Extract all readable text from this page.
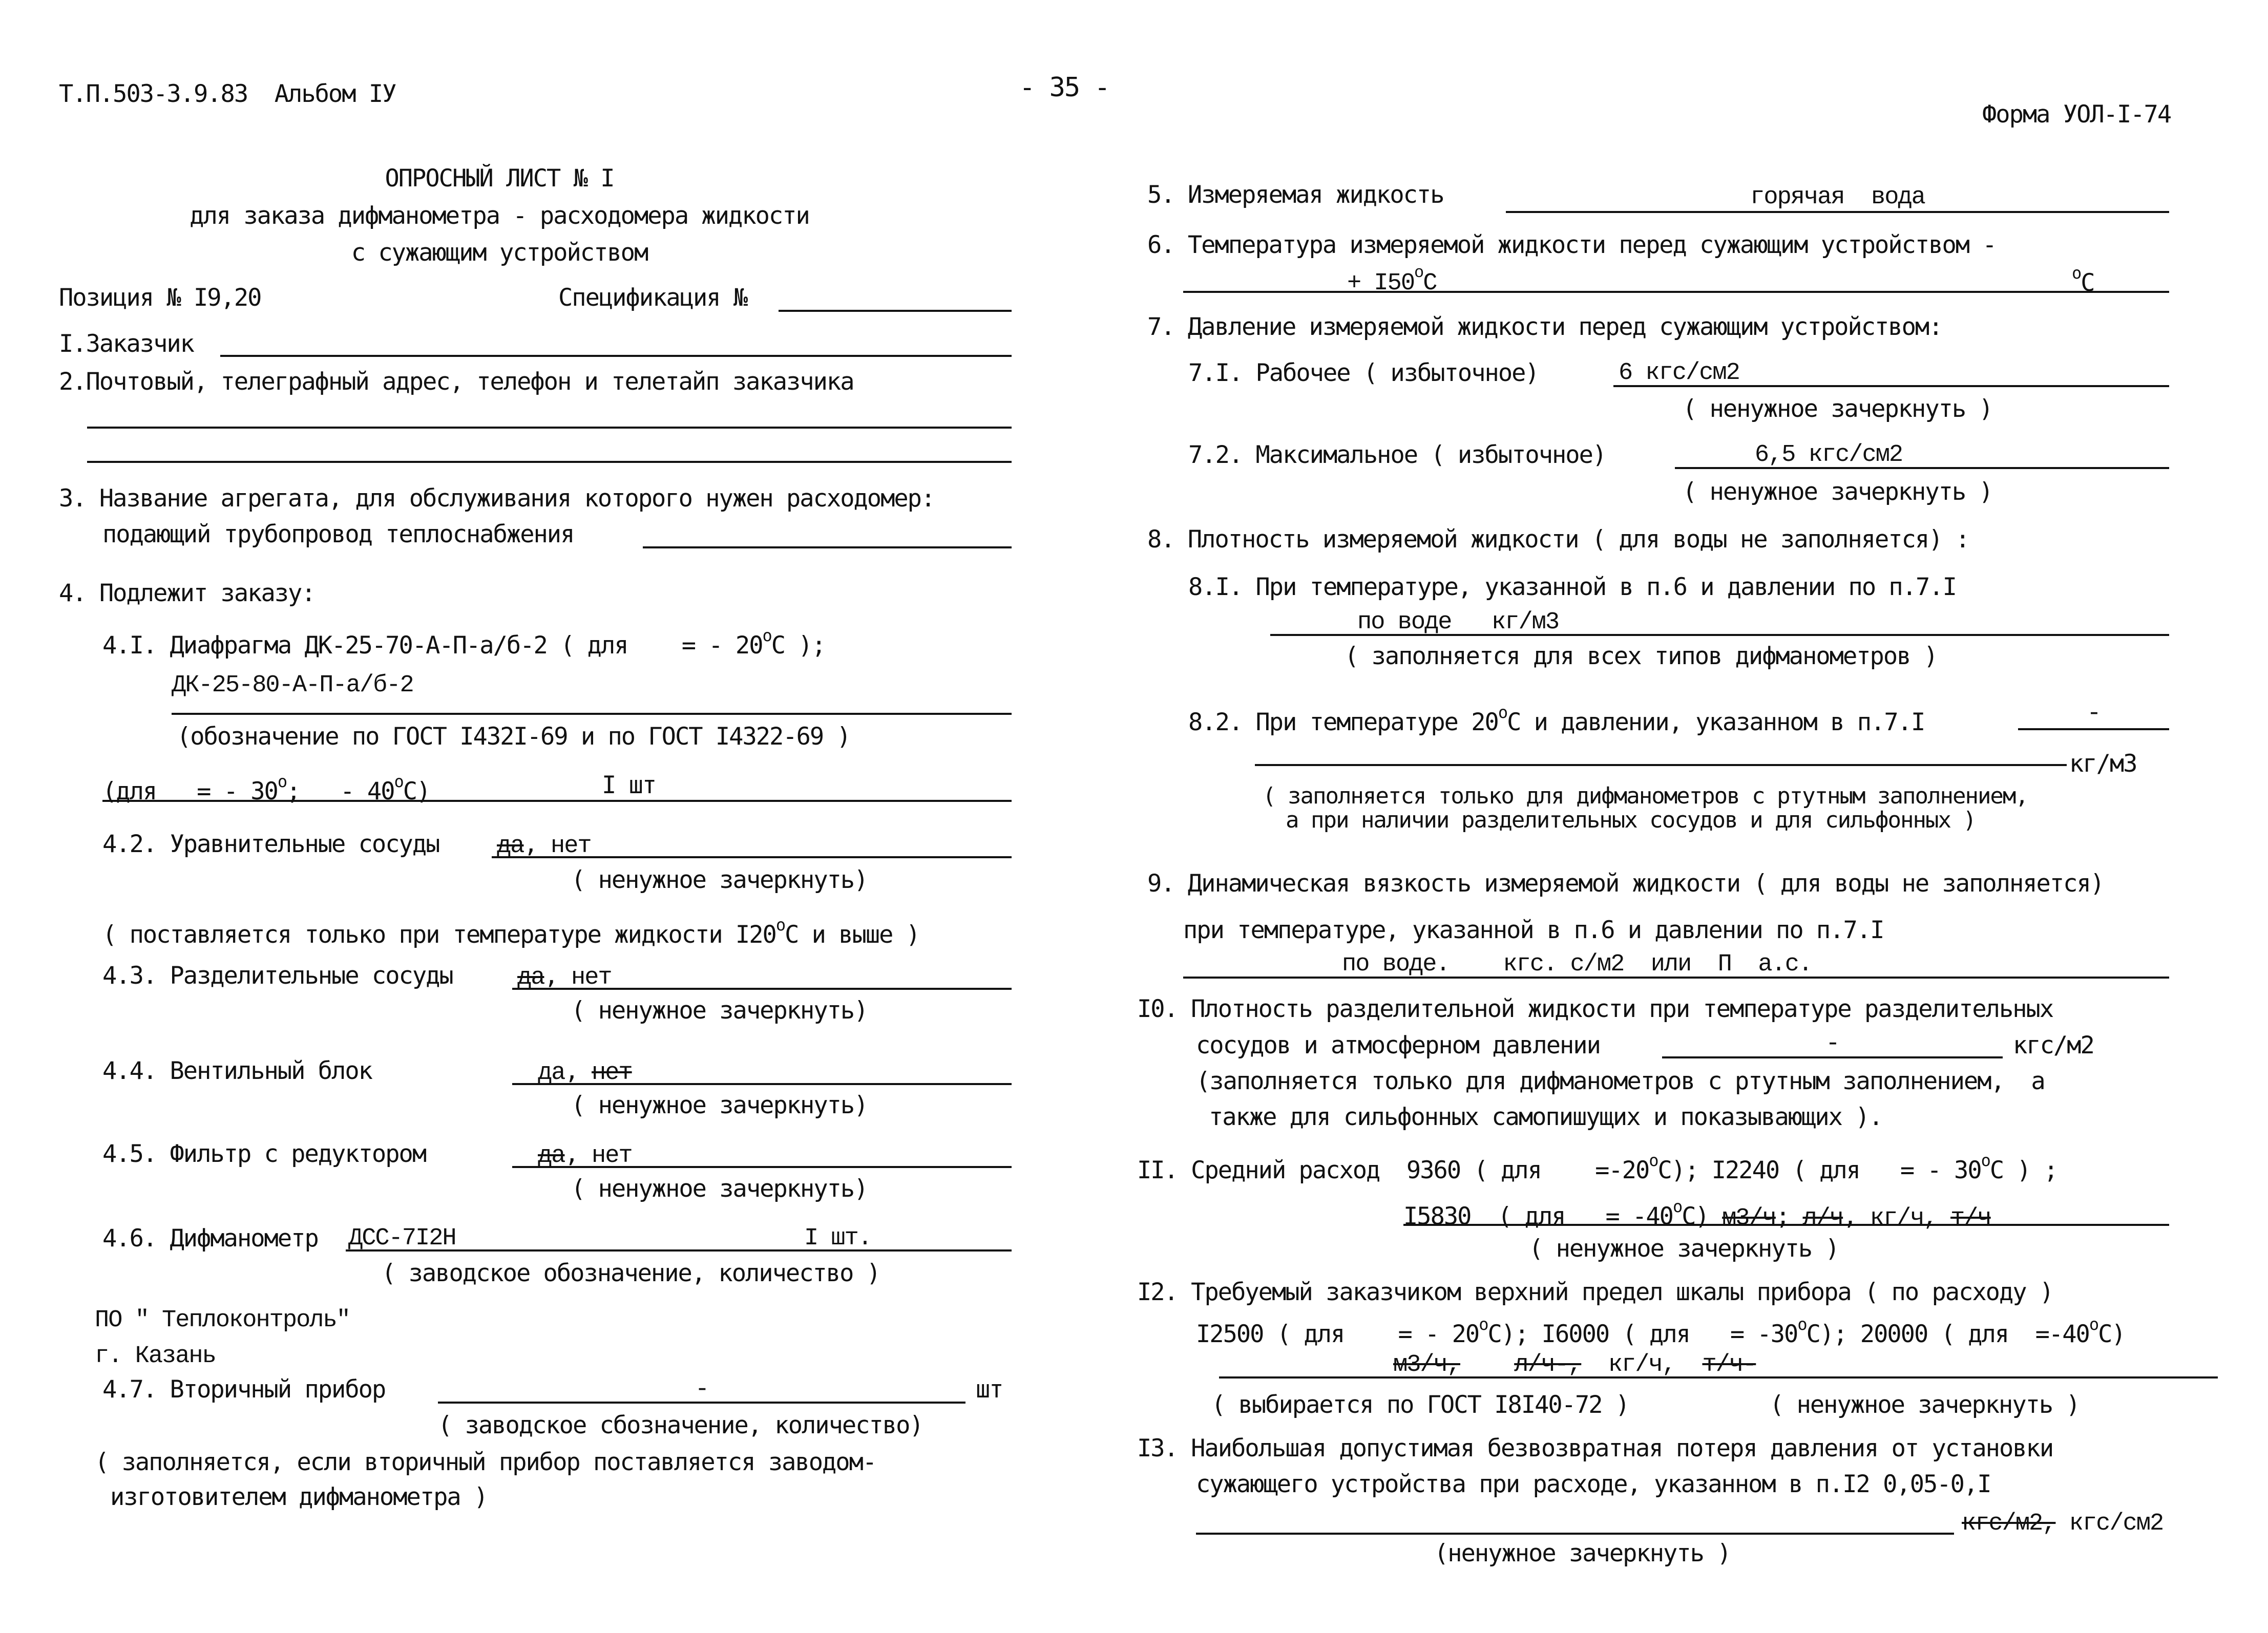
Т.П.503-3.9.83  Альбом IУ	- 35 -
Форма УОЛ-I-74
ОПРОСНЫЙ ЛИСТ № I
для заказа дифманометра - расходомера жидкости
с сужающим устройством
Позиция № I9,20	Спецификация №
I.Заказчик
2.Почтовый, телеграфный адрес, телефон и телетайп заказчика
3. Название агрегата, для обслуживания которого нужен расходомер:
подающий трубопровод теплоснабжения
4. Подлежит заказу:
4.I. Диафрагма ДК-25-70-А-П-а/б-2 ( для    = - $20^оС$ );
ДК-25-80-А-П-а/б-2
(обозначение по ГОСТ I432I-69 и по ГОСТ I4322-69 )
(для   = - $30^о$;   - $40^оС$)	I шт
4.2. Уравнительные сосуды да, нет
( ненужное зачеркнуть)
( поставляется только при температуре жидкости $I20^оС$ и выше )
4.3. Разделительные сосуды	да, нет
( ненужное зачеркнуть)
4.4. Вентильный блок	да, нет
( ненужное зачеркнуть)
4.5. Фильтр с редуктором	да, нет
( ненужное зачеркнуть)
4.6. Дифманометр ДСС-7I2Н	I шт.
( заводское обозначение, количество )
ПО " Теплоконтроль"
г. Казань
4.7. Вторичный прибор	-	шт
( заводское сбозначение, количество)
( заполняется, если вторичный прибор поставляется заводом-
изготовителем дифманометра )
5. Измеряемая жидкость	горячая  вода
6. Температура измеряемой жидкости перед сужающим устройством -
+ $I50^оС$	$^о$С
7. Давление измеряемой жидкости перед сужающим устройством:
7.I. Рабочее ( избыточное)	6 кгс/см2
( ненужное зачеркнуть )
7.2. Максимальное ( избыточное)	6,5 кгс/см2
( ненужное зачеркнуть )
8. Плотность измеряемой жидкости ( для воды не заполняется) :
8.I. При температуре, указанной в п.6 и давлении по п.7.I
по воде   кг/м3
( заполняется для всех типов дифманометров )
8.2. При температуре $20^оС$ и давлении, указанном в п.7.I	-
кг/м3
( заполняется только для дифманометров с ртутным заполнением,
а при наличии разделительных сосудов и для сильфонных )
9. Динамическая вязкость измеряемой жидкости ( для воды не заполняется)
при температуре, указанной в п.6 и давлении по п.7.I
по воде.    кгс. с/м2  или  П  а.с.
I0. Плотность разделительной жидкости при температуре разделительных
сосудов и атмосферном давлении	-	кгс/м2
(заполняется только для дифманометров с ртутным заполнением,  а
также для сильфонных самопишущих и показывающих ).
II. Средний расход  9360 ( для    $=-20^оС$); I2240 ( для   = - $30^оС$ ) ;
I5830  ( для   = $-40^оС$) м3/ч; л/ч, кг/ч, т/ч
( ненужное зачеркнуть )
I2. Требуемый заказчиком верхний предел шкалы прибора ( по расходу )
I2500 ( для    = - $20^оС$); I6000 ( для   = $-30^оС$); 20000 ( для  $=-40^оС$)
м3/ч, л/ч-, кг/ч, т/ч-
( выбирается по ГОСТ I8I40-72 )	( ненужное зачеркнуть )
I3. Наибольшая допустимая безвозвратная потеря давления от установки
сужающего устройства при расходе, указанном в п.I2 0,05-0,I
кгс/м2, кгс/см2
(ненужное зачеркнуть )
